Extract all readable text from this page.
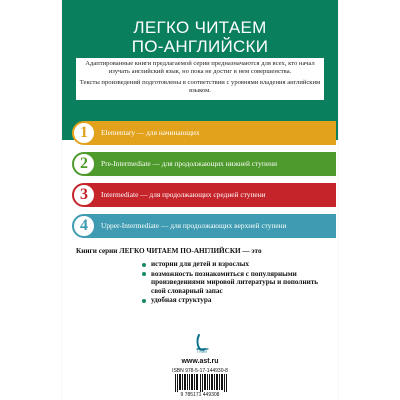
ЛЕГКО ЧИТАЕМ
ПО-АНГЛИЙСКИ

Адаптированные книги предлагаемой серии предназначаются для всех, кто начал изучать английский язык, но пока не достиг в нем совершенства.

Тексты произведений подготовлены в соответствии с уровнями владения английским языком.

1	Elementary — для начинающих
2	Pre-Intermediate — для продолжающих нижней ступени
3	Intermediate — для продолжающих средней ступени
4	Upper-Intermediate — для продолжающих верхней ступени
Книги серии ЛЕГКО ЧИТАЕМ ПО-АНГЛИЙСКИ — это
истории для детей и взрослых
возможность познакомиться с популярными произведениями мировой литературы и пополнить свой словарный запас
удобная структура
Lingua
www.ast.ru
ISBN 978-5-17-144930-8
9 785171 449308
